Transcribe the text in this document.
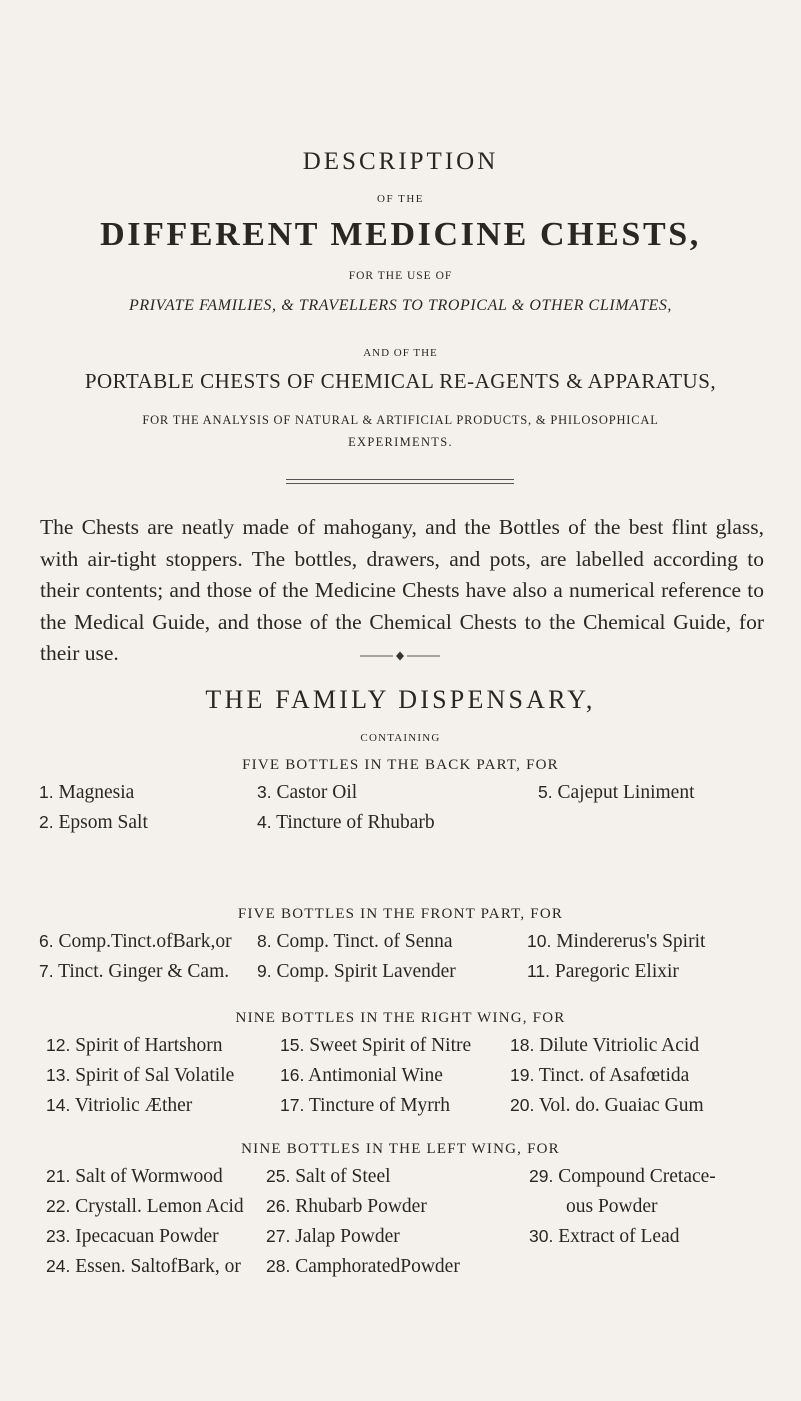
DESCRIPTION
OF THE
DIFFERENT MEDICINE CHESTS,
FOR THE USE OF
PRIVATE FAMILIES, & TRAVELLERS TO TROPICAL & OTHER CLIMATES,
AND OF THE
PORTABLE CHESTS OF CHEMICAL RE-AGENTS & APPARATUS,
FOR THE ANALYSIS OF NATURAL & ARTIFICIAL PRODUCTS, & PHILOSOPHICAL
EXPERIMENTS.
The Chests are neatly made of mahogany, and the Bottles of the best flint glass, with air-tight stoppers. The bottles, drawers, and pots, are labelled according to their contents; and those of the Medicine Chests have also a numerical reference to the Medical Guide, and those of the Chemical Chests to the Chemical Guide, for their use.
THE FAMILY DISPENSARY,
CONTAINING
FIVE BOTTLES IN THE BACK PART, FOR
1. Magnesia
2. Epsom Salt
3. Castor Oil
4. Tincture of Rhubarb
5. Cajeput Liniment
FIVE BOTTLES IN THE FRONT PART, FOR
6. Comp.Tinct.ofBark,or
7. Tinct. Ginger & Cam.
8. Comp. Tinct. of Senna
9. Comp. Spirit Lavender
10. Mindererus's Spirit
11. Paregoric Elixir
NINE BOTTLES IN THE RIGHT WING, FOR
12. Spirit of Hartshorn
13. Spirit of Sal Volatile
14. Vitriolic Æther
15. Sweet Spirit of Nitre
16. Antimonial Wine
17. Tincture of Myrrh
18. Dilute Vitriolic Acid
19. Tinct. of Asafœtida
20. Vol. do. Guaiac Gum
NINE BOTTLES IN THE LEFT WING, FOR
21. Salt of Wormwood
22. Crystall. Lemon Acid
23. Ipecacuan Powder
24. Essen. SaltofBark, or
25. Salt of Steel
26. Rhubarb Powder
27. Jalap Powder
28. CamphoratedPowder
29. Compound Cretace-
ous Powder
30. Extract of Lead
